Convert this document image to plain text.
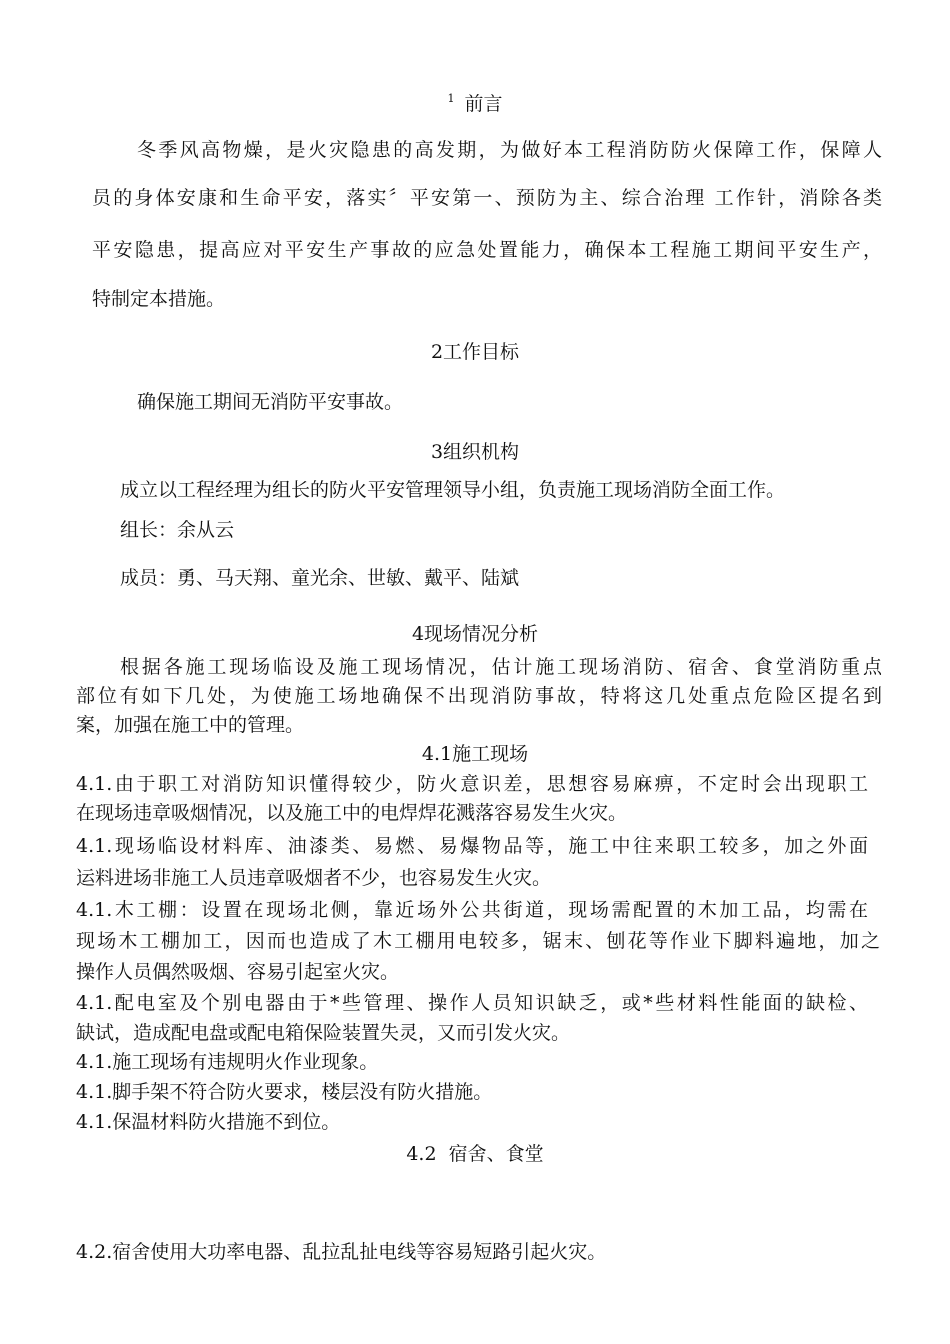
$^1$ 前言
冬季风高物燥，是火灾隐患的高发期，为做好本工程消防防火保障工作，保障人
员的身体安康和生命平安，落实〞平安第一、预防为主、综合治理 工作针，消除各类
平安隐患，提高应对平安生产事故的应急处置能力，确保本工程施工期间平安生产，
特制定本措施。
2工作目标
确保施工期间无消防平安事故。
3组织机构
成立以工程经理为组长的防火平安管理领导小组，负责施工现场消防全面工作。
组长：余从云
成员：勇、马天翔、童光余、世敏、戴平、陆斌
4现场情况分析
根据各施工现场临设及施工现场情况，估计施工现场消防、宿舍、食堂消防重点
部位有如下几处，为使施工场地确保不出现消防事故，特将这几处重点危险区提名到
案，加强在施工中的管理。
4.1施工现场
4.1.由于职工对消防知识懂得较少，防火意识差，思想容易麻痹，不定时会出现职工
在现场违章吸烟情况，以及施工中的电焊焊花溅落容易发生火灾。
4.1.现场临设材料库、油漆类、易燃、易爆物品等，施工中往来职工较多，加之外面
运料进场非施工人员违章吸烟者不少，也容易发生火灾。
4.1.木工棚：设置在现场北侧，靠近场外公共街道，现场需配置的木加工品，均需在
现场木工棚加工，因而也造成了木工棚用电较多，锯末、刨花等作业下脚料遍地，加之
操作人员偶然吸烟、容易引起室火灾。
4.1.配电室及个别电器由于*些管理、操作人员知识缺乏，或*些材料性能面的缺检、
缺试，造成配电盘或配电箱保险装置失灵，又而引发火灾。
4.1.施工现场有违规明火作业现象。
4.1.脚手架不符合防火要求，楼层没有防火措施。
4.1.保温材料防火措施不到位。
4.2  宿舍、食堂
4.2.宿舍使用大功率电器、乱拉乱扯电线等容易短路引起火灾。
